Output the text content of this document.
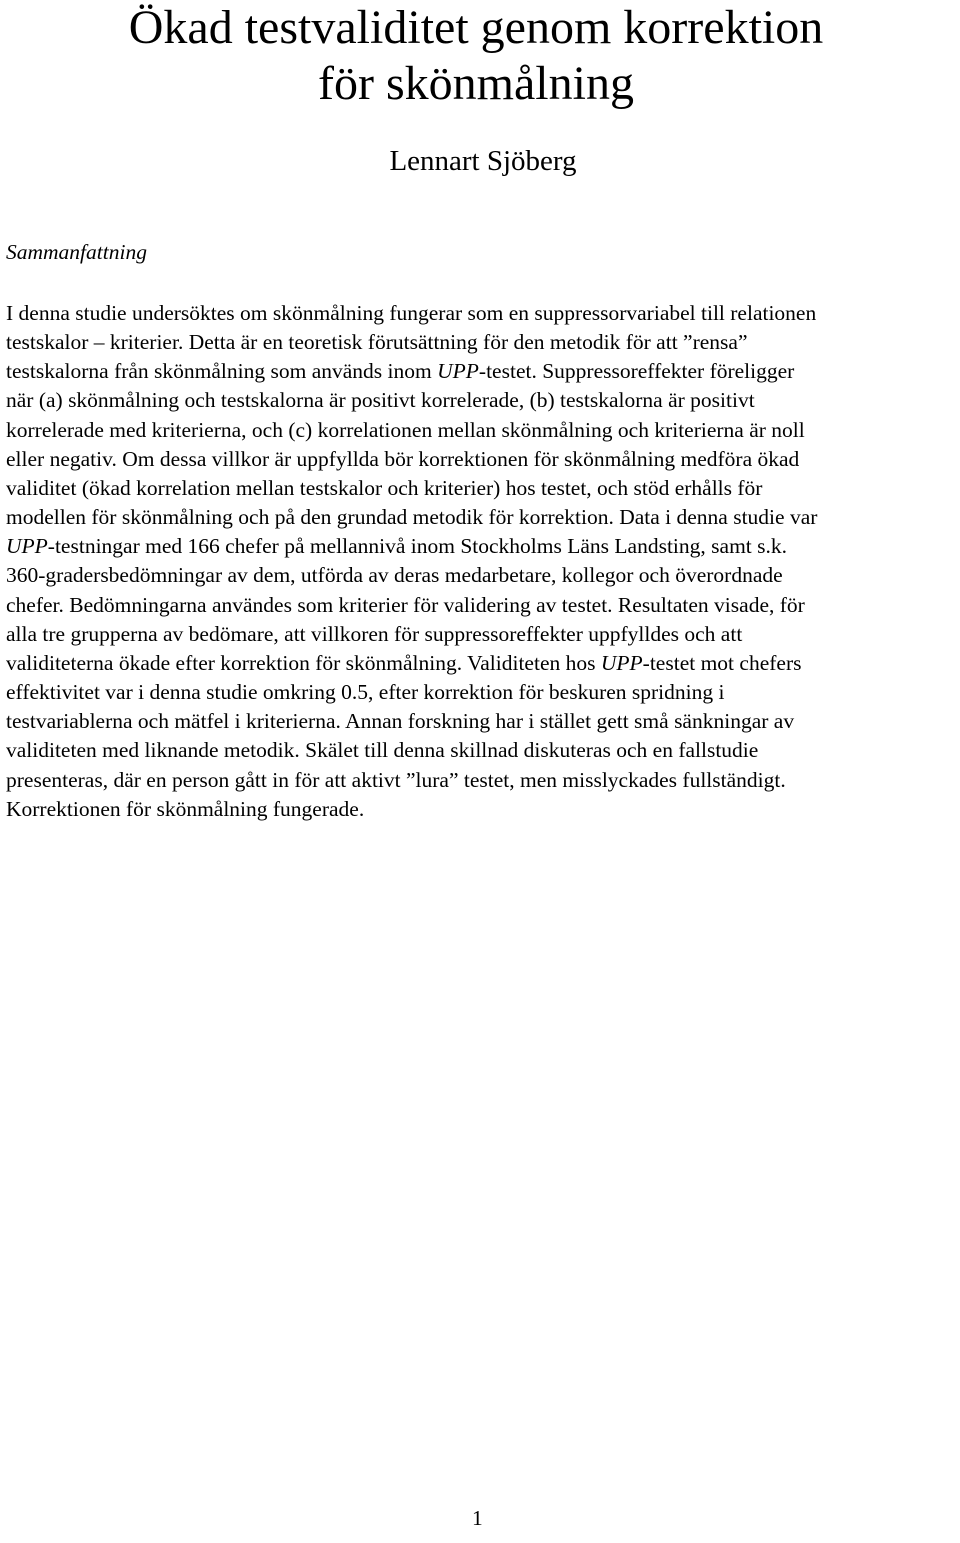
Ökad testvaliditet genom korrektion
för skönmålning
Lennart Sjöberg
Sammanfattning
I denna studie undersöktes om skönmålning fungerar som en suppressorvariabel till relationen
testskalor – kriterier. Detta är en teoretisk förutsättning för den metodik för att ”rensa”
testskalorna från skönmålning som används inom UPP-testet. Suppressoreffekter föreligger
när (a) skönmålning och testskalorna är positivt korrelerade, (b) testskalorna är positivt
korrelerade med kriterierna, och (c) korrelationen mellan skönmålning och kriterierna är noll
eller negativ. Om dessa villkor är uppfyllda bör korrektionen för skönmålning medföra ökad
validitet (ökad korrelation mellan testskalor och kriterier) hos testet, och stöd erhålls för
modellen för skönmålning och på den grundad metodik för korrektion. Data i denna studie var
UPP-testningar med 166 chefer på mellannivå inom Stockholms Läns Landsting, samt s.k.
360-gradersbedömningar av dem, utförda av deras medarbetare, kollegor och överordnade
chefer. Bedömningarna användes som kriterier för validering av testet. Resultaten visade, för
alla tre grupperna av bedömare, att villkoren för suppressoreffekter uppfylldes och att
validiteterna ökade efter korrektion för skönmålning. Validiteten hos UPP-testet mot chefers
effektivitet var i denna studie omkring 0.5, efter korrektion för beskuren spridning i
testvariablerna och mätfel i kriterierna. Annan forskning har i stället gett små sänkningar av
validiteten med liknande metodik. Skälet till denna skillnad diskuteras och en fallstudie
presenteras, där en person gått in för att aktivt ”lura” testet, men misslyckades fullständigt.
Korrektionen för skönmålning fungerade.
1
